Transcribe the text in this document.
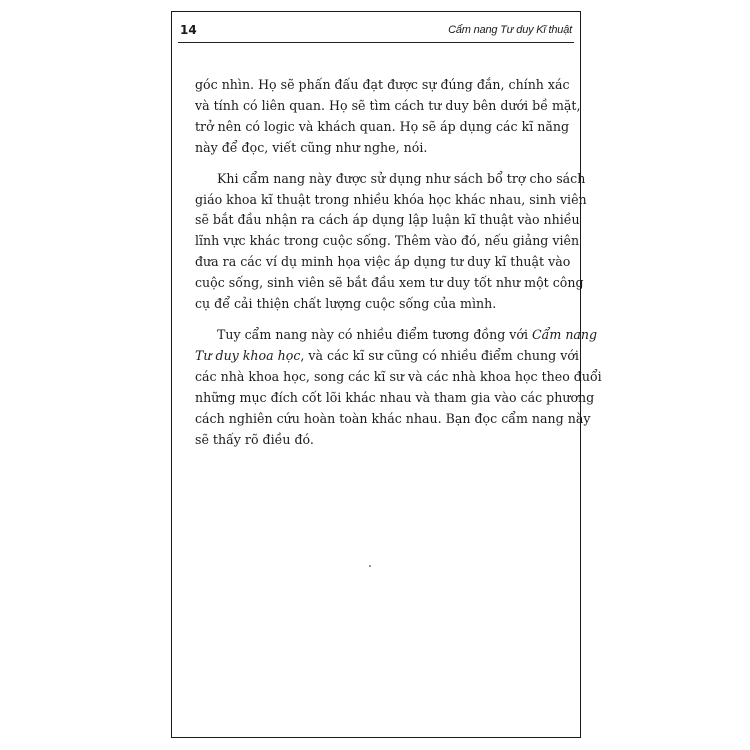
14	Cẩm nang Tư duy Kĩ thuật
góc nhìn. Họ sẽ phấn đấu đạt được sự đúng đắn, chính xác
và tính có liên quan. Họ sẽ tìm cách tư duy bên dưới bề mặt,
trở nên có logic và khách quan. Họ sẽ áp dụng các kĩ năng
này để đọc, viết cũng như nghe, nói.
Khi cẩm nang này được sử dụng như sách bổ trợ cho sách
giáo khoa kĩ thuật trong nhiều khóa học khác nhau, sinh viên
sẽ bắt đầu nhận ra cách áp dụng lập luận kĩ thuật vào nhiều
lĩnh vực khác trong cuộc sống. Thêm vào đó, nếu giảng viên
đưa ra các ví dụ minh họa việc áp dụng tư duy kĩ thuật vào
cuộc sống, sinh viên sẽ bắt đầu xem tư duy tốt như một công
cụ để cải thiện chất lượng cuộc sống của mình.
Tuy cẩm nang này có nhiều điểm tương đồng với Cẩm nang
Tư duy khoa học, và các kĩ sư cũng có nhiều điểm chung với
các nhà khoa học, song các kĩ sư và các nhà khoa học theo đuổi
những mục đích cốt lõi khác nhau và tham gia vào các phương
cách nghiên cứu hoàn toàn khác nhau. Bạn đọc cẩm nang này
sẽ thấy rõ điều đó.
